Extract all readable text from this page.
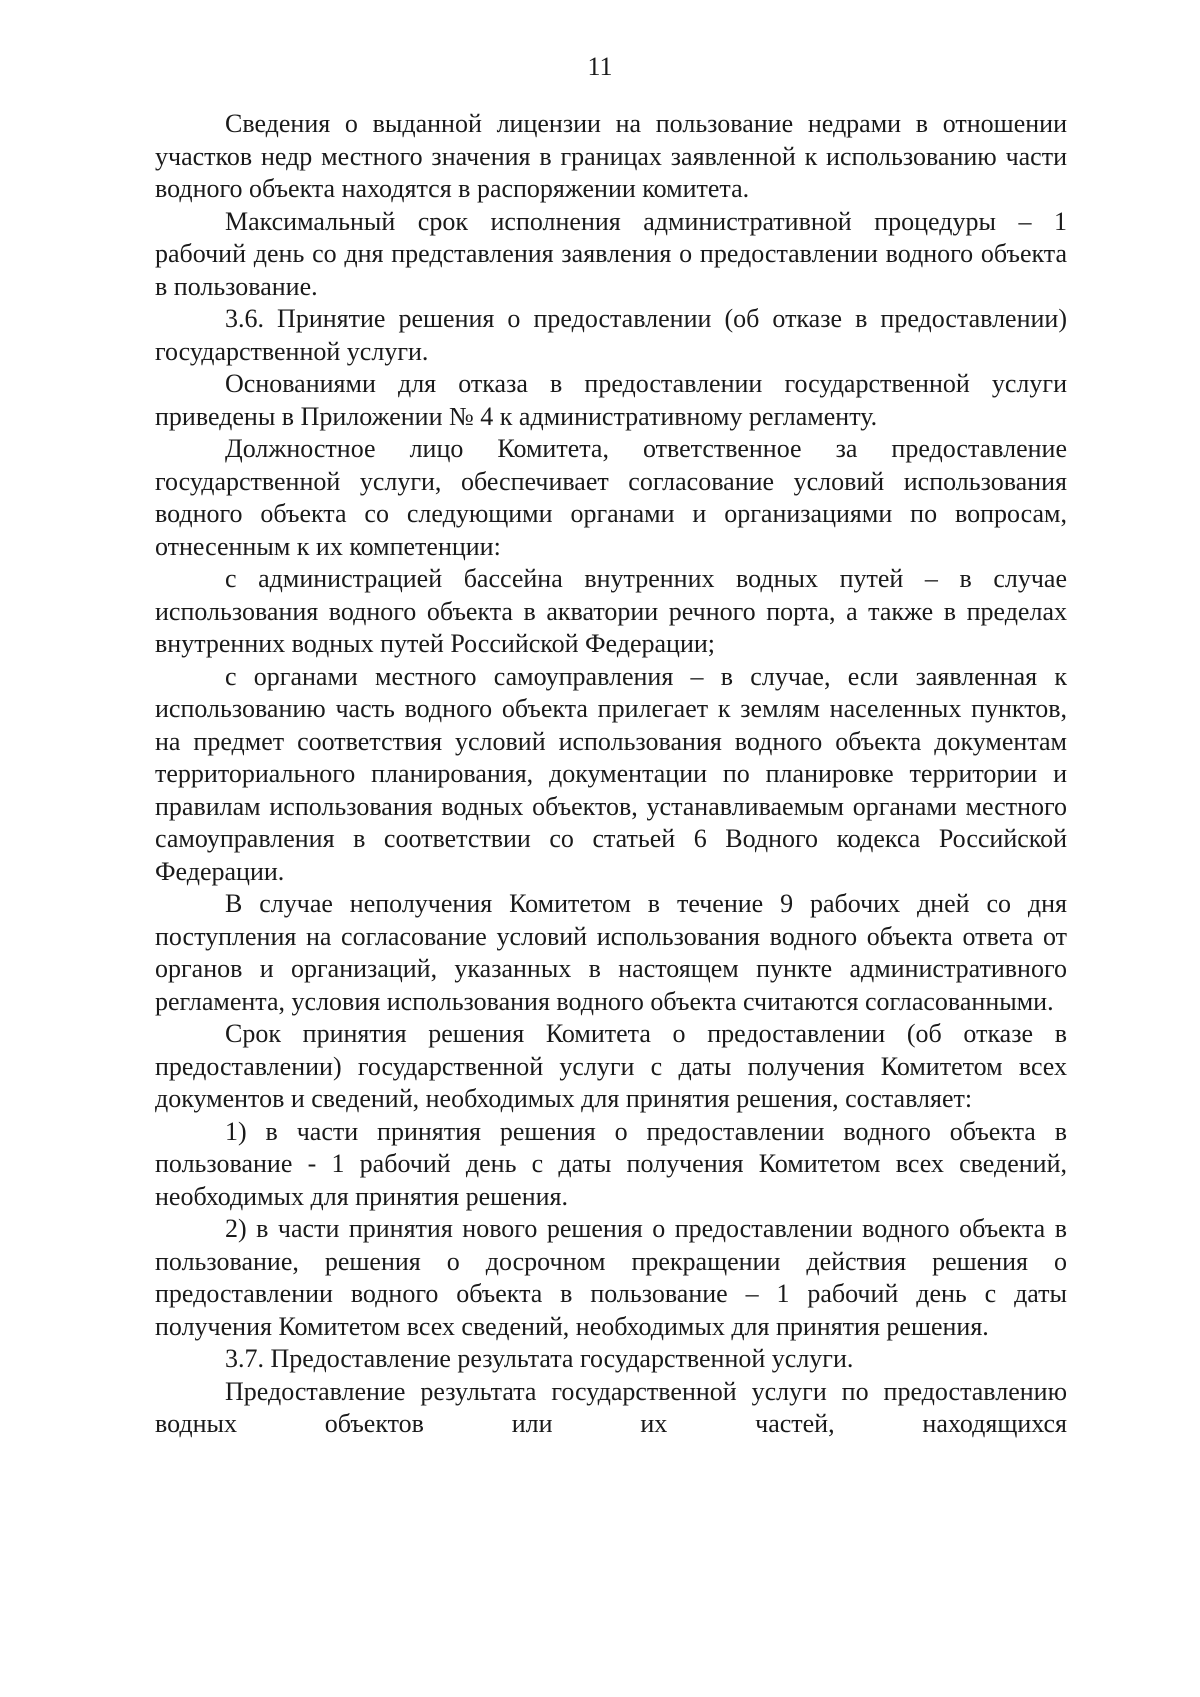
11

Сведения о выданной лицензии на пользование недрами в отношении участков недр местного значения в границах заявленной к использованию части водного объекта находятся в распоряжении комитета.

Максимальный срок исполнения административной процедуры – 1 рабочий день со дня представления заявления о предоставлении водного объекта в пользование.

3.6. Принятие решения о предоставлении (об отказе в предоставлении) государственной услуги.

Основаниями для отказа в предоставлении государственной услуги приведены в Приложении № 4 к административному регламенту.

Должностное лицо Комитета, ответственное за предоставление государственной услуги, обеспечивает согласование условий использования водного объекта со следующими органами и организациями по вопросам, отнесенным к их компетенции:

с администрацией бассейна внутренних водных путей – в случае использования водного объекта в акватории речного порта, а также в пределах внутренних водных путей Российской Федерации;

с органами местного самоуправления – в случае, если заявленная к использованию часть водного объекта прилегает к землям населенных пунктов, на предмет соответствия условий использования водного объекта документам территориального планирования, документации по планировке территории и правилам использования водных объектов, устанавливаемым органами местного самоуправления в соответствии со статьей 6 Водного кодекса Российской Федерации.

В случае неполучения Комитетом в течение 9 рабочих дней со дня поступления на согласование условий использования водного объекта ответа от органов и организаций, указанных в настоящем пункте административного регламента, условия использования водного объекта считаются согласованными.

Срок принятия решения Комитета о предоставлении (об отказе в предоставлении) государственной услуги с даты получения Комитетом всех документов и сведений, необходимых для принятия решения, составляет:

1) в части принятия решения о предоставлении водного объекта в пользование - 1 рабочий день с даты получения Комитетом всех сведений, необходимых для принятия решения.

2) в части принятия нового решения о предоставлении водного объекта в пользование, решения о досрочном прекращении действия решения о предоставлении водного объекта в пользование – 1 рабочий день с даты получения Комитетом всех сведений, необходимых для принятия решения.

3.7. Предоставление результата государственной услуги.

Предоставление результата государственной услуги по предоставлению водных объектов или их частей, находящихся
